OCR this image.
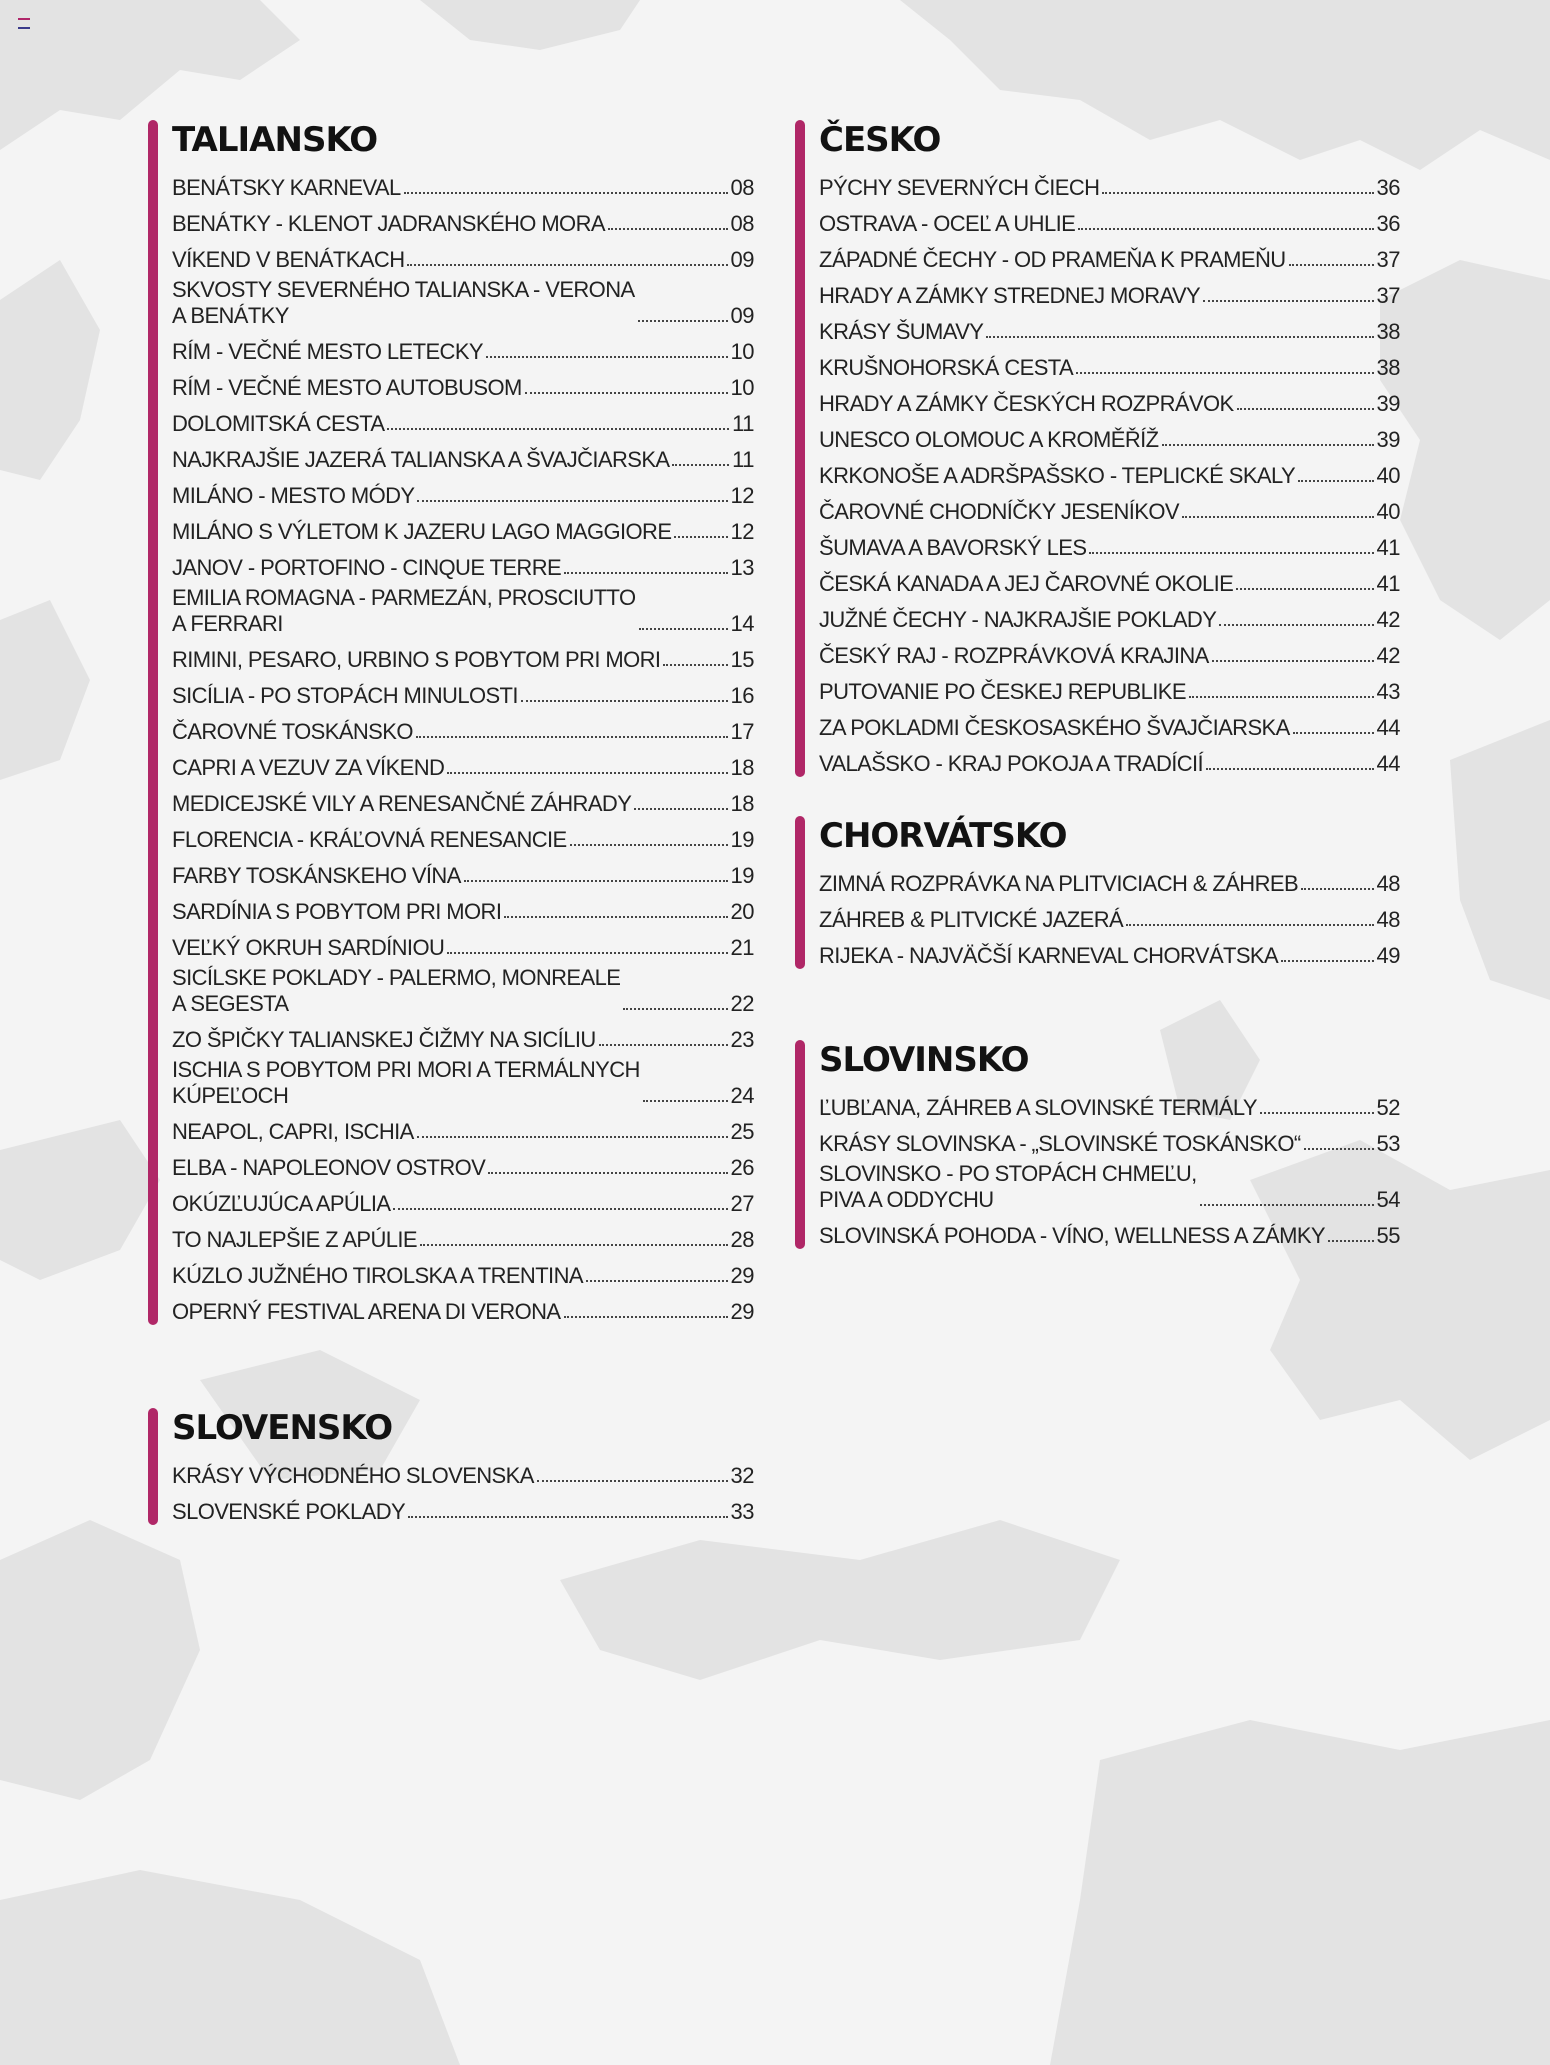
TALIANSKO
BENÁTSKY KARNEVAL	08
BENÁTKY - KLENOT JADRANSKÉHO MORA	08
VÍKEND V BENÁTKACH	09
SKVOSTY SEVERNÉHO TALIANSKA - VERONA
A BENÁTKY	09
RÍM - VEČNÉ MESTO LETECKY	10
RÍM - VEČNÉ MESTO AUTOBUSOM	10
DOLOMITSKÁ CESTA	11
NAJKRAJŠIE JAZERÁ TALIANSKA A ŠVAJČIARSKA	11
MILÁNO - MESTO MÓDY	12
MILÁNO S VÝLETOM K JAZERU LAGO MAGGIORE	12
JANOV - PORTOFINO - CINQUE TERRE	13
EMILIA ROMAGNA - PARMEZÁN, PROSCIUTTO
A FERRARI	14
RIMINI, PESARO, URBINO S POBYTOM PRI MORI	15
SICÍLIA - PO STOPÁCH MINULOSTI	16
ČAROVNÉ TOSKÁNSKO	17
CAPRI A VEZUV ZA VÍKEND	18
MEDICEJSKÉ VILY A RENESANČNÉ ZÁHRADY	18
FLORENCIA - KRÁĽOVNÁ RENESANCIE	19
FARBY TOSKÁNSKEHO VÍNA	19
SARDÍNIA S POBYTOM PRI MORI	20
VEĽKÝ OKRUH SARDÍNIOU	21
SICÍLSKE POKLADY - PALERMO, MONREALE
A SEGESTA	22
ZO ŠPIČKY TALIANSKEJ ČIŽMY NA SICÍLIU	23
ISCHIA S POBYTOM PRI MORI A TERMÁLNYCH
KÚPEĽOCH	24
NEAPOL, CAPRI, ISCHIA	25
ELBA - NAPOLEONOV OSTROV	26
OKÚZĽUJÚCA APÚLIA	27
TO NAJLEPŠIE Z APÚLIE	28
KÚZLO JUŽNÉHO TIROLSKA A TRENTINA	29
OPERNÝ FESTIVAL ARENA DI VERONA	29
SLOVENSKO
KRÁSY VÝCHODNÉHO SLOVENSKA	32
SLOVENSKÉ POKLADY	33
ČESKO
PÝCHY SEVERNÝCH ČIECH	36
OSTRAVA - OCEĽ A UHLIE	36
ZÁPADNÉ ČECHY - OD PRAMEŇA K PRAMEŇU	37
HRADY A ZÁMKY STREDNEJ MORAVY	37
KRÁSY ŠUMAVY	38
KRUŠNOHORSKÁ CESTA	38
HRADY A ZÁMKY ČESKÝCH ROZPRÁVOK	39
UNESCO OLOMOUC A KROMĚŘÍŽ	39
KRKONOŠE A ADRŠPAŠSKO - TEPLICKÉ SKALY	40
ČAROVNÉ CHODNÍČKY JESENÍKOV	40
ŠUMAVA A BAVORSKÝ LES	41
ČESKÁ KANADA A JEJ ČAROVNÉ OKOLIE	41
JUŽNÉ ČECHY - NAJKRAJŠIE POKLADY	42
ČESKÝ RAJ - ROZPRÁVKOVÁ KRAJINA	42
PUTOVANIE PO ČESKEJ REPUBLIKE	43
ZA POKLADMI ČESKOSASKÉHO ŠVAJČIARSKA	44
VALAŠSKO - KRAJ POKOJA A TRADÍCIÍ	44
CHORVÁTSKO
ZIMNÁ ROZPRÁVKA NA PLITVICIACH & ZÁHREB	48
ZÁHREB & PLITVICKÉ JAZERÁ	48
RIJEKA - NAJVÄČŠÍ KARNEVAL CHORVÁTSKA	49
SLOVINSKO
ĽUBĽANA, ZÁHREB A SLOVINSKÉ TERMÁLY	52
KRÁSY SLOVINSKA - „SLOVINSKÉ TOSKÁNSKO“	53
SLOVINSKO - PO STOPÁCH CHMEĽU,
PIVA A ODDYCHU	54
SLOVINSKÁ POHODA - VÍNO, WELLNESS A ZÁMKY 55
